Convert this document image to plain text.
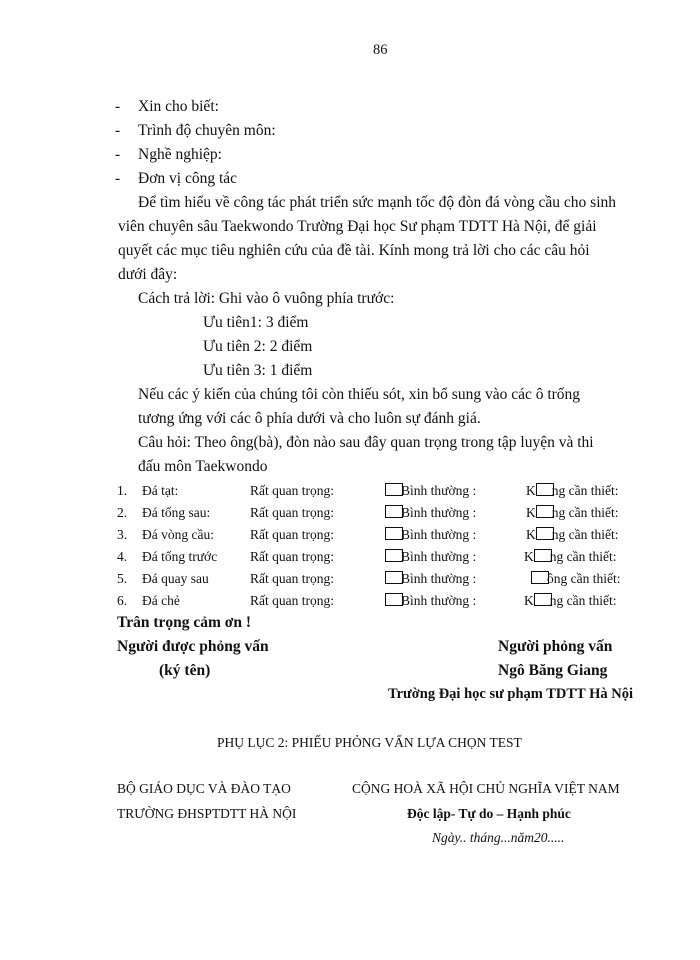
86
- Xin cho biết:
- Trình độ chuyên môn:
- Nghề nghiệp:
- Đơn vị công tác
Để tìm hiểu về công tác phát triển sức mạnh tốc độ đòn đá vòng cầu cho sinh
viên chuyên sâu Taekwondo Trường Đại học Sư phạm TDTT Hà Nội, để giải
quyết các mục tiêu nghiên cứu của đề tài. Kính mong trả lời cho các câu hỏi
dưới đây:
Cách trả lời: Ghi vào ô vuông phía trước:
Ưu tiên1: 3 điểm
Ưu tiên 2: 2 điểm
Ưu tiên 3: 1 điểm
Nếu các ý kiến của chúng tôi còn thiếu sót, xin bổ sung vào các ô trống
tương ứng với các ô phía dưới và cho luôn sự đánh giá.
Câu hỏi: Theo ông(bà), đòn nào sau đây quan trọng trong tập luyện và thi
đấu môn Taekwondo
1. Đá tạt:	Rất quan trọng:	Bình thường :	K ng cần thiết:
2. Đá tống sau:	Rất quan trọng:	Bình thường :	K ng cần thiết:
3. Đá vòng cầu:	Rất quan trọng:	Bình thường :	K ng cần thiết:
4. Đá tống trước Rất quan trọng:	Bình thường :	K ng cần thiết:
5. Đá quay sau	Rất quan trọng:	Bình thường :	ông cần thiết:
6. Đá chẻ	Rất quan trọng:	Bình thường :	K ng cần thiết:
Trân trọng cảm ơn !
Người được phỏng vấn	Người phỏng vấn
(ký tên)	Ngô Băng Giang
Trường Đại học sư phạm TDTT Hà Nội
PHỤ LỤC 2: PHIẾU PHỎNG VẤN LỰA CHỌN TEST
BỘ GIÁO DỤC VÀ ĐÀO TẠO	CỘNG HOÀ XÃ HỘI CHỦ NGHĨA VIỆT NAM
TRƯỜNG ĐHSPTDTT HÀ NỘI	Độc lập- Tự do – Hạnh phúc
Ngày.. tháng...năm20.....
